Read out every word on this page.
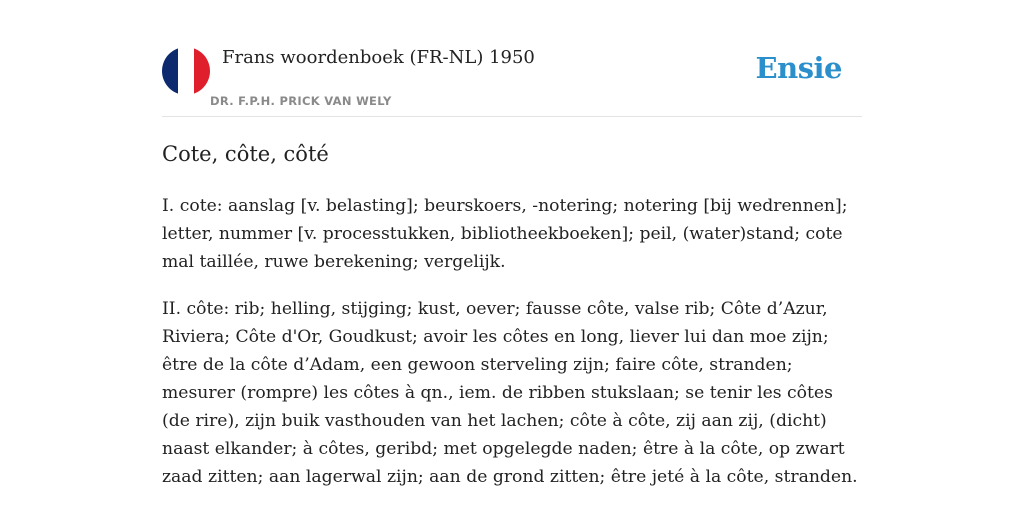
Frans woordenboek (FR-NL) 1950
DR. F.P.H. PRICK VAN WELY
Ensie
Cote, côte, côté

I. cote: aanslag [v. belasting]; beurskoers, -notering; notering [bij wedrennen]; letter, nummer [v. processtukken, bibliotheekboeken]; peil, (water)stand; cote mal taillée, ruwe berekening; vergelijk.

II. côte: rib; helling, stijging; kust, oever; fausse côte, valse rib; Côte d’Azur, Riviera; Côte d'Or, Goudkust; avoir les côtes en long, liever lui dan moe zijn; être de la côte d’Adam, een gewoon sterveling zijn; faire côte, stranden; mesurer (rompre) les côtes à qn., iem. de ribben stukslaan; se tenir les côtes (de rire), zijn buik vasthouden van het lachen; côte à côte, zij aan zij, (dicht) naast elkander; à côtes, geribd; met opgelegde naden; être à la côte, op zwart zaad zitten; aan lagerwal zijn; aan de grond zitten; être jeté à la côte, stranden.
